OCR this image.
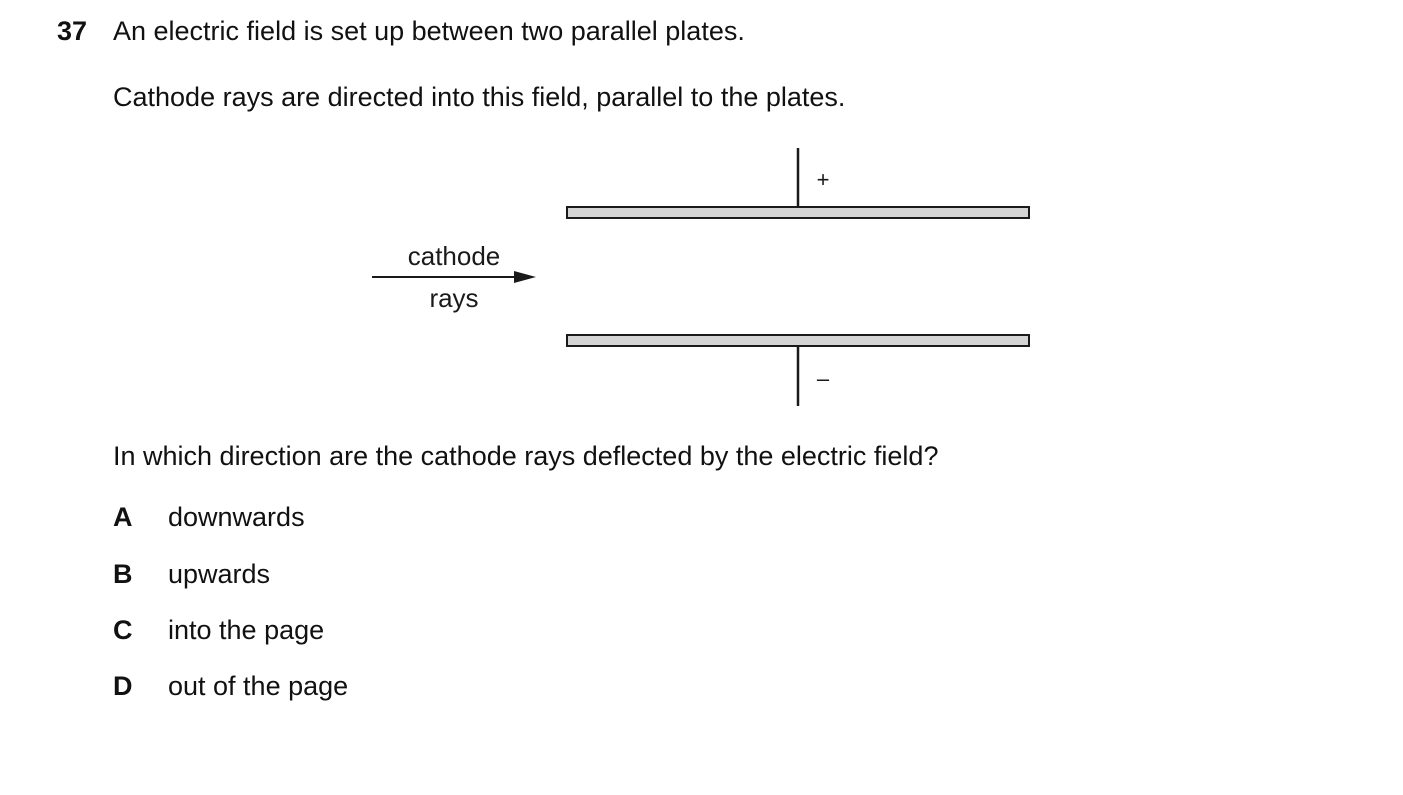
37 An electric field is set up between two parallel plates.
Cathode rays are directed into this field, parallel to the plates.
+
cathode
rays
–
In which direction are the cathode rays deflected by the electric field?
A downwards
B upwards
C into the page
D out of the page
